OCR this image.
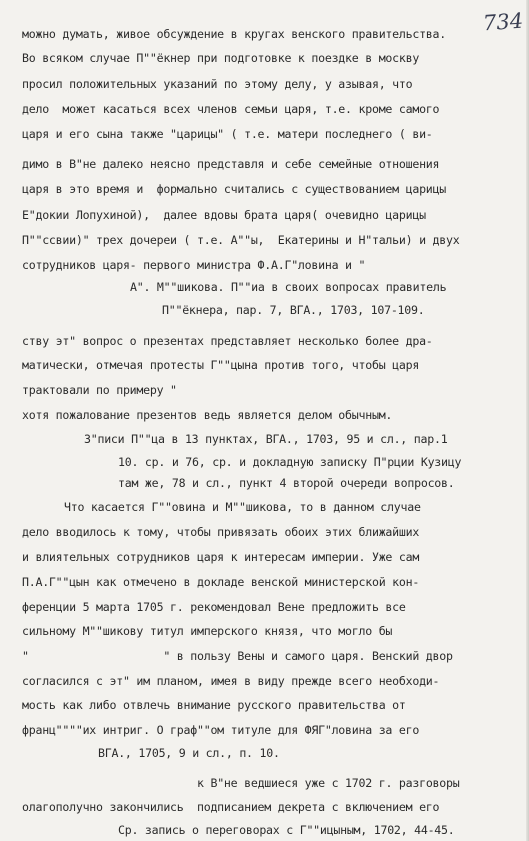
734
можно думать, живое обсуждение в кругах венского правительства.
Во всяком случае П""ёкнер при подготовке к поездке в москву
просил положительных указаний по этому делу, у азывая, что
дело  может касаться всех членов семьи царя, т.е. кроме самого
царя и его сына также "царицы" ( т.е. матери последнего ( ви-
димо в В"не далеко неясно представля и себе семейные отношения
царя в это время и  формально считались с существованием царицы
Е"докии Лопухиной),  далее вдовы брата царя( очевидно царицы
П""ссвии)" трех дочереи ( т.е. А""ы,  Екатерины и Н"тальи) и двух
сотрудников царя- первого министра Ф.А.Г"ловина и "
А". М""шикова. П""иа в своих вопросах правитель
П""ёкнера, пар. 7, ВГА., 1703, 107-109.
ству эт" вопрос о презентах представляет несколько более дра-
матически, отмечая протесты Г""цына против того, чтобы царя
трактовали по примеру "
хотя пожалование презентов ведь является делом обычным.
З"писи П""ца в 13 пунктах, ВГА., 1703, 95 и сл., пар.1
10. ср. и 76, ср. и докладную записку П"рции Кузицу
там же, 78 и сл., пункт 4 второй очереди вопросов.
Что касается Г""овина и М""шикова, то в данном случае
дело вводилось к тому, чтобы привязать обоих этих ближайших
и влиятельных сотрудников царя к интересам империи. Уже сам
П.А.Г""цын как отмечено в докладе венской министерской кон-
ференции 5 марта 1705 г. рекомендовал Вене предложить все
сильному М""шикову титул имперского князя, что могло бы
"                    " в пользу Вены и самого царя. Венский двор
согласился с эт" им планом, имея в виду прежде всего необходи-
мость как либо отвлечь внимание русского правительства от
франц""""их интриг. О граф""ом титуле для ФЯГ"ловина за его
ВГА., 1705, 9 и сл., п. 10.
к В"не ведшиеся уже с 1702 г. разговоры
олагополучно закончились  подписанием декрета с включением его
Ср. запись о переговорах с Г""ицыным, 1702, 44-45.
